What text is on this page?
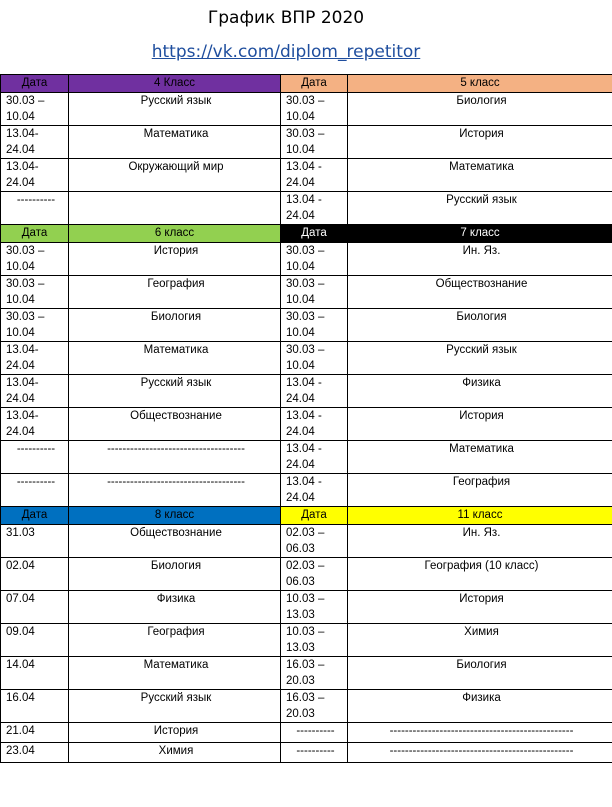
График ВПР 2020
https://vk.com/diplom_repetitor
Дата	4 Класс	Дата	5 класс
30.03 – 10.04	Русский язык	30.03 – 10.04	Биология
13.04- 24.04	Математика	30.03 – 10.04	История
13.04- 24.04	Окружающий мир	13.04 - 24.04	Математика
----------		13.04 - 24.04	Русский язык
Дата	6 класс	Дата	7 класс
30.03 – 10.04	История	30.03 – 10.04	Ин. Яз.
30.03 – 10.04	География	30.03 – 10.04	Обществознание
30.03 – 10.04	Биология	30.03 – 10.04	Биология
13.04- 24.04	Математика	30.03 – 10.04	Русский язык
13.04- 24.04	Русский язык	13.04 - 24.04	Физика
13.04- 24.04	Обществознание	13.04 - 24.04	История
----------	------------------------------------	13.04 - 24.04	Математика
----------	------------------------------------	13.04 - 24.04	География
Дата	8 класс	Дата	11 класс
31.03	Обществознание	02.03 – 06.03	Ин. Яз.
02.04	Биология	02.03 – 06.03	География (10 класс)
07.04	Физика	10.03 – 13.03	История
09.04	География	10.03 – 13.03	Химия
14.04	Математика	16.03 – 20.03	Биология
16.04	Русский язык	16.03 – 20.03	Физика
21.04	История	----------	------------------------------------------------
23.04	Химия	----------	------------------------------------------------
